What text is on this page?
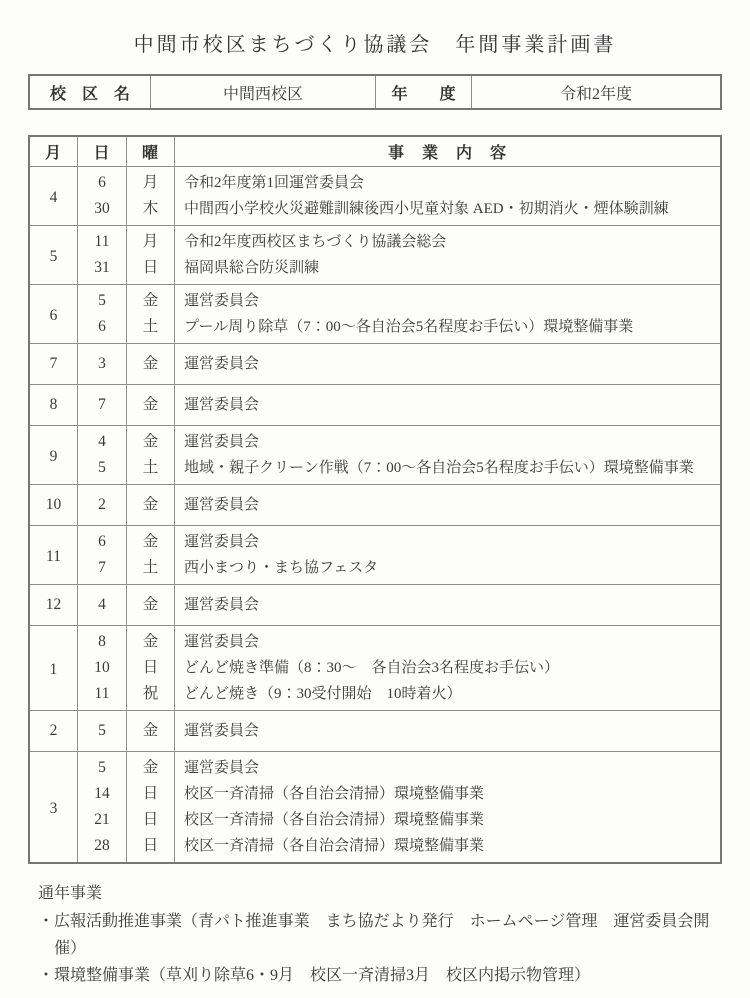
中間市校区まちづくり協議会　年間事業計画書
校　区　名	中間西校区	年　　度	令和2年度
月	日	曜	事　業　内　容
4	6	月	令和2年度第1回運営委員会
	30	木	中間西小学校火災避難訓練後西小児童対象 AED・初期消火・煙体験訓練
5	11	月	令和2年度西校区まちづくり協議会総会
	31	日	福岡県総合防災訓練
6	5	金	運営委員会
	6	土	プール周り除草（7：00～各自治会5名程度お手伝い）環境整備事業
7	3	金	運営委員会
8	7	金	運営委員会
9	4	金	運営委員会
	5	土	地域・親子クリーン作戦（7：00～各自治会5名程度お手伝い）環境整備事業
10	2	金	運営委員会
11	6	金	運営委員会
	7	土	西小まつり・まち協フェスタ
12	4	金	運営委員会
1	8	金	運営委員会
	10	日	どんど焼き準備（8：30～　各自治会3名程度お手伝い）
	11	祝	どんど焼き（9：30受付開始　10時着火）
2	5	金	運営委員会
3	5	金	運営委員会
	14	日	校区一斉清掃（各自治会清掃）環境整備事業
	21	日	校区一斉清掃（各自治会清掃）環境整備事業
	28	日	校区一斉清掃（各自治会清掃）環境整備事業
通年事業
・広報活動推進事業（青パト推進事業　まち協だより発行　ホームページ管理　運営委員会開催）
・環境整備事業（草刈り除草6・9月　校区一斉清掃3月　校区内掲示物管理）
